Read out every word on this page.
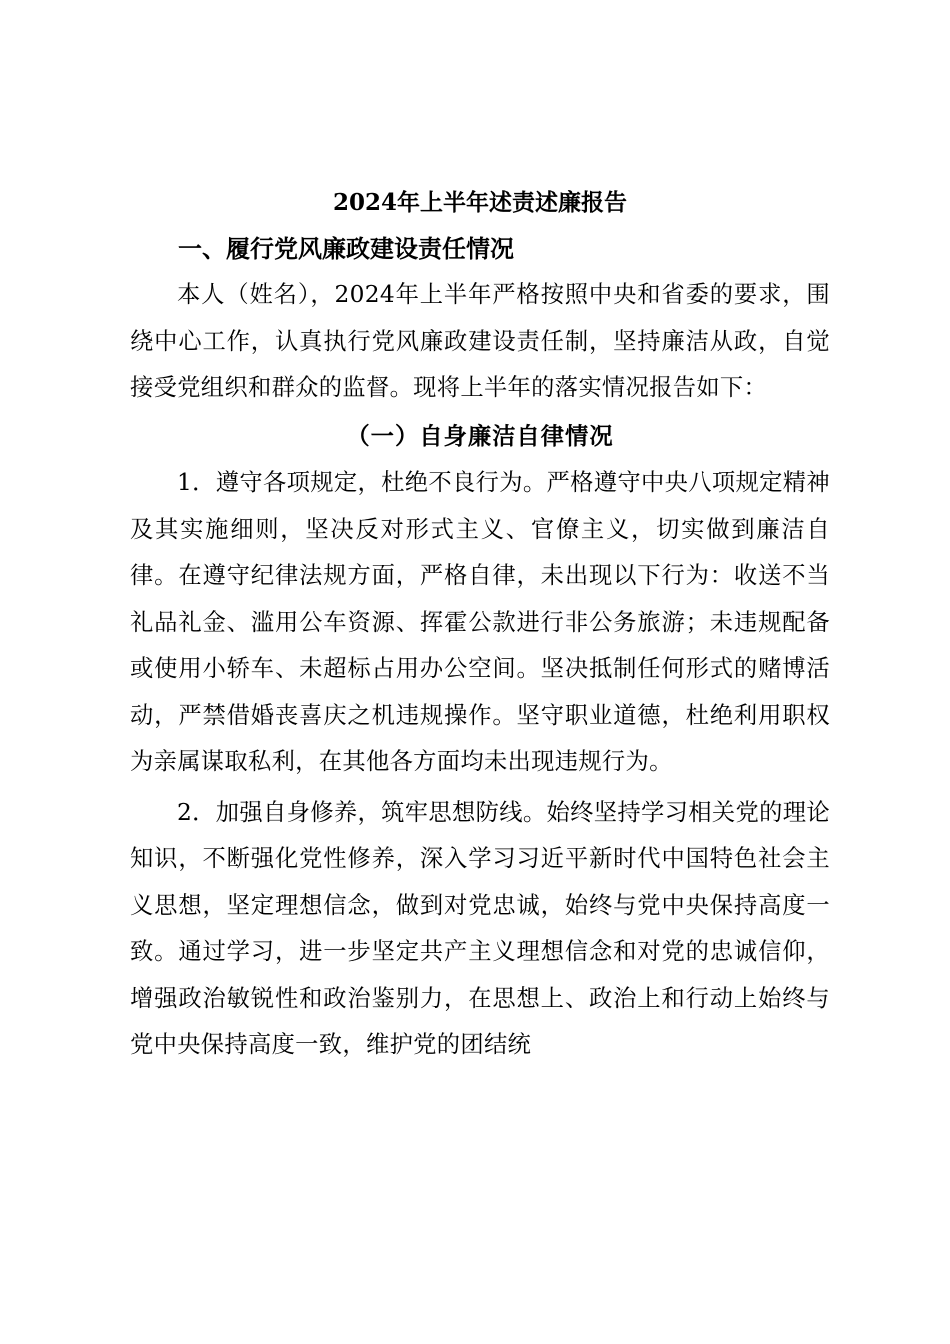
2024年上半年述责述廉报告
一、履行党风廉政建设责任情况

本人（姓名），2024年上半年严格按照中央和省委的要求，围绕中心工作，认真执行党风廉政建设责任制，坚持廉洁从政，自觉接受党组织和群众的监督。现将上半年的落实情况报告如下：

（一）自身廉洁自律情况

1．遵守各项规定，杜绝不良行为。严格遵守中央八项规定精神及其实施细则，坚决反对形式主义、官僚主义，切实做到廉洁自律。在遵守纪律法规方面，严格自律，未出现以下行为：收送不当礼品礼金、滥用公车资源、挥霍公款进行非公务旅游；未违规配备或使用小轿车、未超标占用办公空间。坚决抵制任何形式的赌博活动，严禁借婚丧喜庆之机违规操作。坚守职业道德，杜绝利用职权为亲属谋取私利，在其他各方面均未出现违规行为。

2．加强自身修养，筑牢思想防线。始终坚持学习相关党的理论知识，不断强化党性修养，深入学习习近平新时代中国特色社会主义思想，坚定理想信念，做到对党忠诚，始终与党中央保持高度一致。通过学习，进一步坚定共产主义理想信念和对党的忠诚信仰，增强政治敏锐性和政治鉴别力，在思想上、政治上和行动上始终与党中央保持高度一致，维护党的团结统
